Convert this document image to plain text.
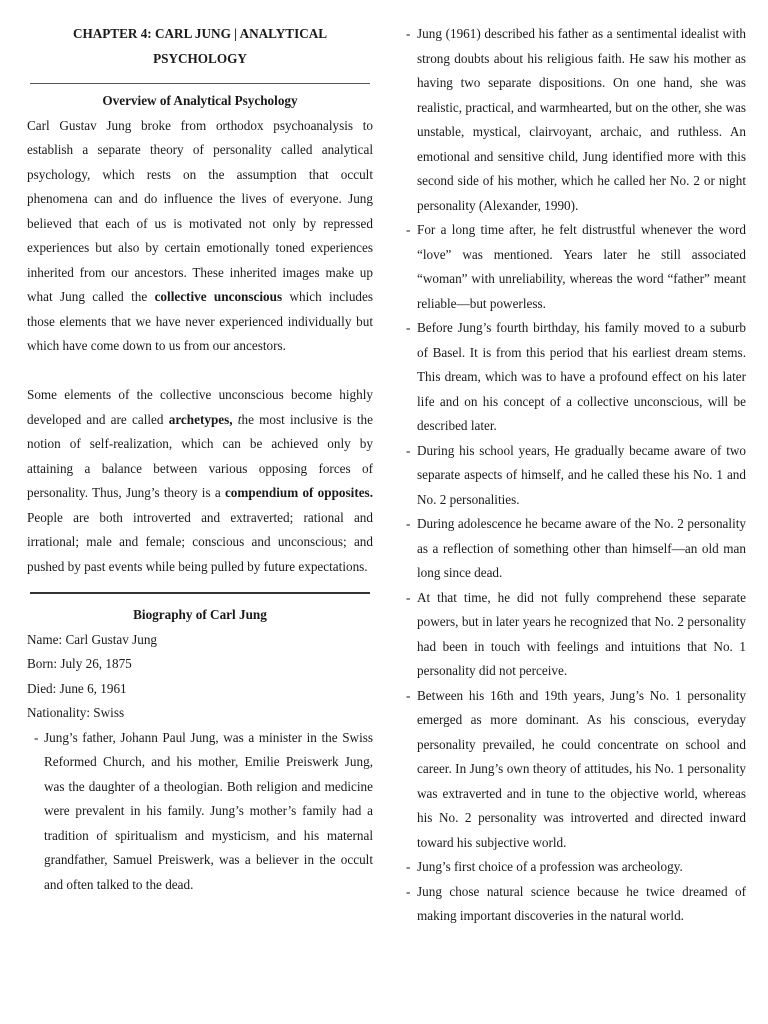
CHAPTER 4: CARL JUNG | ANALYTICAL
PSYCHOLOGY
Overview of Analytical Psychology

Carl Gustav Jung broke from orthodox psychoanalysis to establish a separate theory of personality called analytical psychology, which rests on the assumption that occult phenomena can and do influence the lives of everyone. Jung believed that each of us is motivated not only by repressed experiences but also by certain emotionally toned experiences inherited from our ancestors. These inherited images make up what Jung called the collective unconscious which includes those elements that we have never experienced individually but which have come down to us from our ancestors.

Some elements of the collective unconscious become highly developed and are called archetypes, the most inclusive is the notion of self-realization, which can be achieved only by attaining a balance between various opposing forces of personality. Thus, Jung’s theory is a compendium of opposites. People are both introverted and extraverted; rational and irrational; male and female; conscious and unconscious; and pushed by past events while being pulled by future expectations.

Biography of Carl Jung
Name: Carl Gustav Jung
Born: July 26, 1875
Died: June 6, 1961
Nationality: Swiss
- Jung’s father, Johann Paul Jung, was a minister in the Swiss Reformed Church, and his mother, Emilie Preiswerk Jung, was the daughter of a theologian. Both religion and medicine were prevalent in his family. Jung’s mother’s family had a tradition of spiritualism and mysticism, and his maternal grandfather, Samuel Preiswerk, was a believer in the occult and often talked to the dead.
- Jung (1961) described his father as a sentimental idealist with strong doubts about his religious faith. He saw his mother as having two separate dispositions. On one hand, she was realistic, practical, and warmhearted, but on the other, she was unstable, mystical, clairvoyant, archaic, and ruthless. An emotional and sensitive child, Jung identified more with this second side of his mother, which he called her No. 2 or night personality (Alexander, 1990).
- For a long time after, he felt distrustful whenever the word “love” was mentioned. Years later he still associated “woman” with unreliability, whereas the word “father” meant reliable—but powerless.
- Before Jung’s fourth birthday, his family moved to a suburb of Basel. It is from this period that his earliest dream stems. This dream, which was to have a profound effect on his later life and on his concept of a collective unconscious, will be described later.
- During his school years, He gradually became aware of two separate aspects of himself, and he called these his No. 1 and No. 2 personalities.
- During adolescence he became aware of the No. 2 personality as a reflection of something other than himself—an old man long since dead.
- At that time, he did not fully comprehend these separate powers, but in later years he recognized that No. 2 personality had been in touch with feelings and intuitions that No. 1 personality did not perceive.
- Between his 16th and 19th years, Jung’s No. 1 personality emerged as more dominant. As his conscious, everyday personality prevailed, he could concentrate on school and career. In Jung’s own theory of attitudes, his No. 1 personality was extraverted and in tune to the objective world, whereas his No. 2 personality was introverted and directed inward toward his subjective world.
- Jung’s first choice of a profession was archeology.
- Jung chose natural science because he twice dreamed of making important discoveries in the natural world.
